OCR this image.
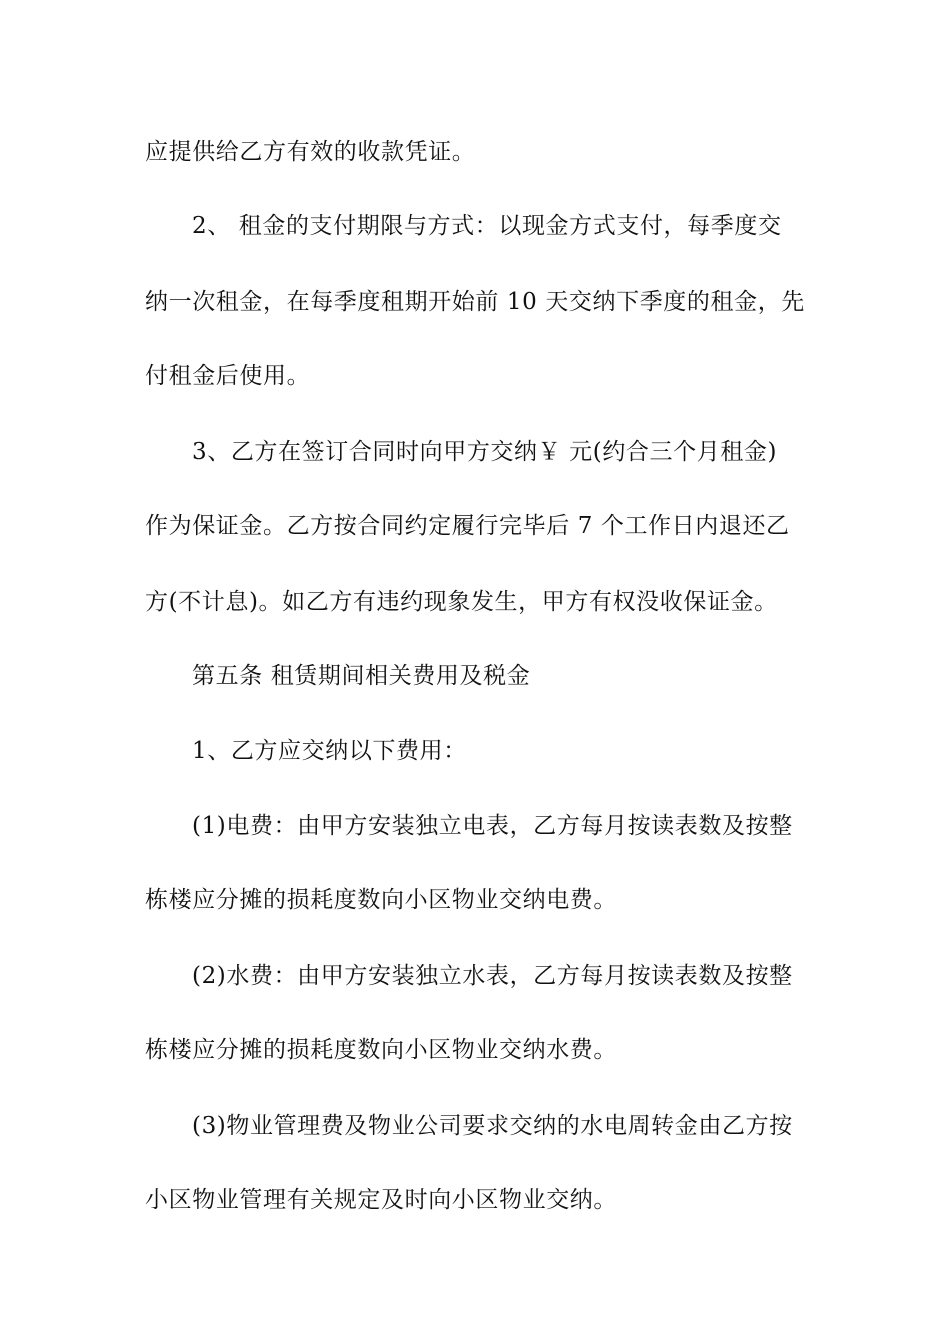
应提供给乙方有效的收款凭证。
2、 租金的支付期限与方式：以现金方式支付，每季度交
纳一次租金，在每季度租期开始前 10 天交纳下季度的租金，先
付租金后使用。
3、乙方在签订合同时向甲方交纳￥ 元(约合三个月租金)
作为保证金。乙方按合同约定履行完毕后 7 个工作日内退还乙
方(不计息)。如乙方有违约现象发生，甲方有权没收保证金。
第五条 租赁期间相关费用及税金
1、乙方应交纳以下费用：
(1)电费：由甲方安装独立电表，乙方每月按读表数及按整
栋楼应分摊的损耗度数向小区物业交纳电费。
(2)水费：由甲方安装独立水表，乙方每月按读表数及按整
栋楼应分摊的损耗度数向小区物业交纳水费。
(3)物业管理费及物业公司要求交纳的水电周转金由乙方按
小区物业管理有关规定及时向小区物业交纳。
